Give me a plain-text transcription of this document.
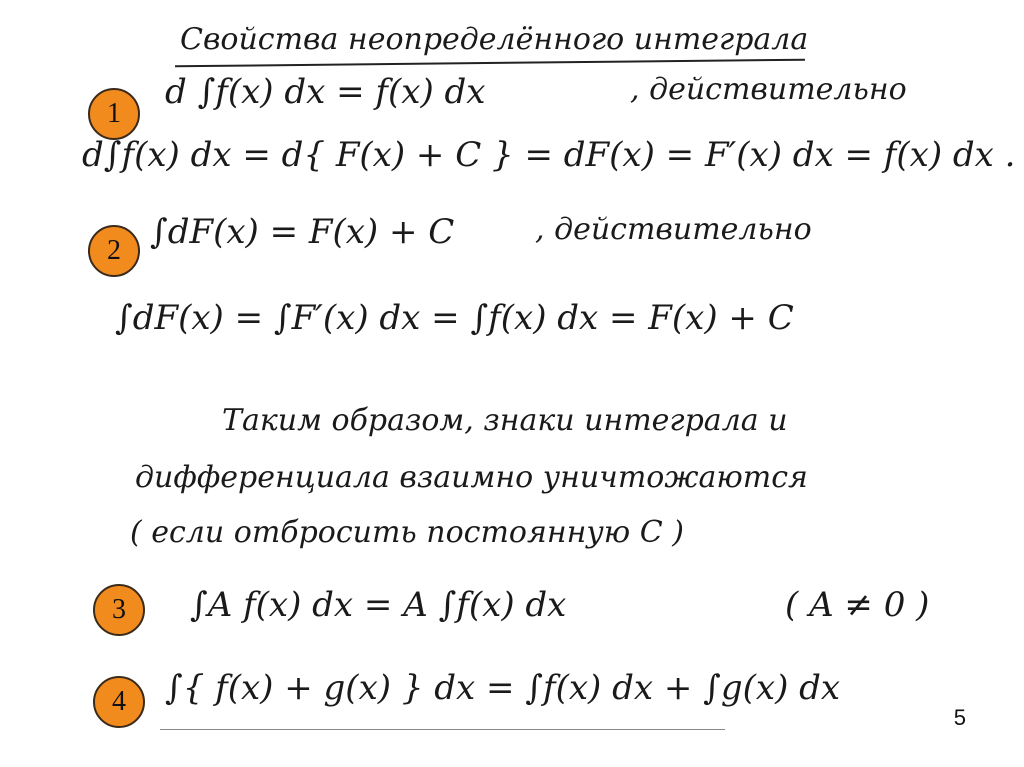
Свойства неопределённого интеграла
1
d ∫f(x) dx = f(x) dx	, действительно
d∫f(x) dx = d{ F(x) + C } = dF(x) = F′(x) dx = f(x) dx .
2 ∫dF(x) = F(x) + C	, действительно
∫dF(x) = ∫F′(x) dx = ∫f(x) dx = F(x) + C
Таким образом, знаки интеграла и
дифференциала взаимно уничтожаются
( если отбросить постоянную C )
3	∫A f(x) dx = A ∫f(x) dx	( A ≠ 0 )
4	∫{ f(x) + g(x) } dx = ∫f(x) dx + ∫g(x) dx
5
